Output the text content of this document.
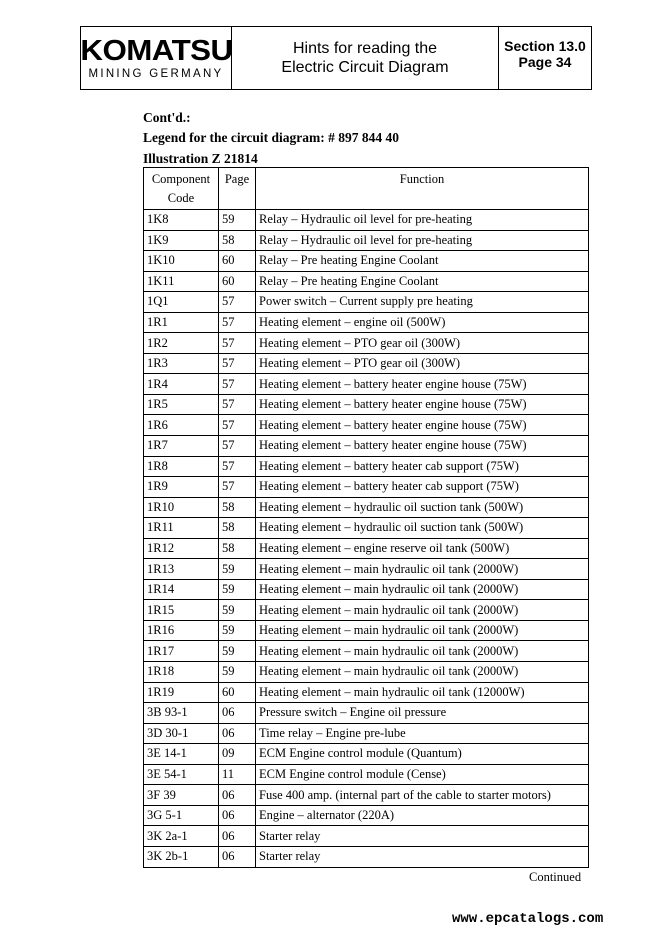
KOMATSU
MINING GERMANY
Hints for reading the
Electric Circuit Diagram
Section 13.0
Page 34
Cont'd.:
Legend for the circuit diagram: # 897 844 40
Illustration Z 21814
Component
Code	Page	Function
1K8	59	Relay – Hydraulic oil level for pre-heating
1K9	58	Relay – Hydraulic oil level for pre-heating
1K10	60	Relay – Pre heating Engine Coolant
1K11	60	Relay – Pre heating Engine Coolant
1Q1	57	Power switch – Current supply pre heating
1R1	57	Heating element – engine oil (500W)
1R2	57	Heating element – PTO gear oil (300W)
1R3	57	Heating element – PTO gear oil (300W)
1R4	57	Heating element – battery heater engine house (75W)
1R5	57	Heating element – battery heater engine house (75W)
1R6	57	Heating element – battery heater engine house (75W)
1R7	57	Heating element – battery heater engine house (75W)
1R8	57	Heating element – battery heater cab support (75W)
1R9	57	Heating element – battery heater cab support (75W)
1R10	58	Heating element – hydraulic oil suction tank (500W)
1R11	58	Heating element – hydraulic oil suction tank (500W)
1R12	58	Heating element – engine reserve oil tank (500W)
1R13	59	Heating element – main hydraulic oil tank (2000W)
1R14	59	Heating element – main hydraulic oil tank (2000W)
1R15	59	Heating element – main hydraulic oil tank (2000W)
1R16	59	Heating element – main hydraulic oil tank (2000W)
1R17	59	Heating element – main hydraulic oil tank (2000W)
1R18	59	Heating element – main hydraulic oil tank (2000W)
1R19	60	Heating element – main hydraulic oil tank (12000W)
3B 93-1	06	Pressure switch – Engine oil pressure
3D 30-1	06	Time relay – Engine pre-lube
3E 14-1	09	ECM Engine control module (Quantum)
3E 54-1	11	ECM Engine control module (Cense)
3F 39	06	Fuse 400 amp. (internal part of the cable to starter motors)
3G 5-1	06	Engine – alternator (220A)
3K 2a-1	06	Starter relay
3K 2b-1	06	Starter relay
Continued
www.epcatalogs.com
